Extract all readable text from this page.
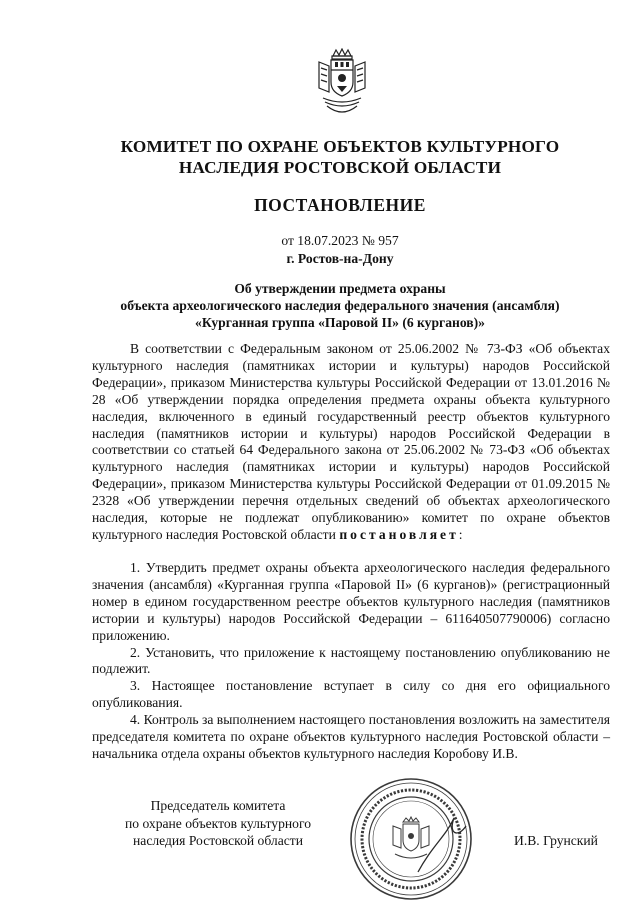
КОМИТЕТ ПО ОХРАНЕ ОБЪЕКТОВ КУЛЬТУРНОГО
НАСЛЕДИЯ РОСТОВСКОЙ ОБЛАСТИ
ПОСТАНОВЛЕНИЕ
от 18.07.2023 № 957
г. Ростов-на-Дону
Об утверждении предмета охраны
объекта археологического наследия федерального значения (ансамбля)
«Курганная группа «Паровой II» (6 курганов)»

В соответствии с Федеральным законом от 25.06.2002 № 73-ФЗ «Об объектах культурного наследия (памятниках истории и культуры) народов Российской Федерации», приказом Министерства культуры Российской Федерации от 13.01.2016 № 28 «Об утверждении порядка определения предмета охраны объекта культурного наследия, включенного в единый государственный реестр объектов культурного наследия (памятников истории и культуры) народов Российской Федерации в соответствии со статьей 64 Федерального закона от 25.06.2002 № 73-ФЗ «Об объектах культурного наследия (памятниках истории и культуры) народов Российской Федерации», приказом Министерства культуры Российской Федерации от 01.09.2015 № 2328 «Об утверждении перечня отдельных сведений об объектах археологического наследия, которые не подлежат опубликованию» комитет по охране объектов культурного наследия Ростовской области постановляет:

1. Утвердить предмет охраны объекта археологического наследия федерального значения (ансамбля) «Курганная группа «Паровой II» (6 курганов)» (регистрационный номер в едином государственном реестре объектов культурного наследия (памятников истории и культуры) народов Российской Федерации – 611640507790006) согласно приложению.

2. Установить, что приложение к настоящему постановлению опубликованию не подлежит.

3. Настоящее постановление вступает в силу со дня его официального опубликования.

4. Контроль за выполнением настоящего постановления возложить на заместителя председателя комитета по охране объектов культурного наследия Ростовской области – начальника отдела охраны объектов культурного наследия Коробову И.В.

Председатель комитета
по охране объектов культурного
наследия Ростовской области	И.В. Грунский
